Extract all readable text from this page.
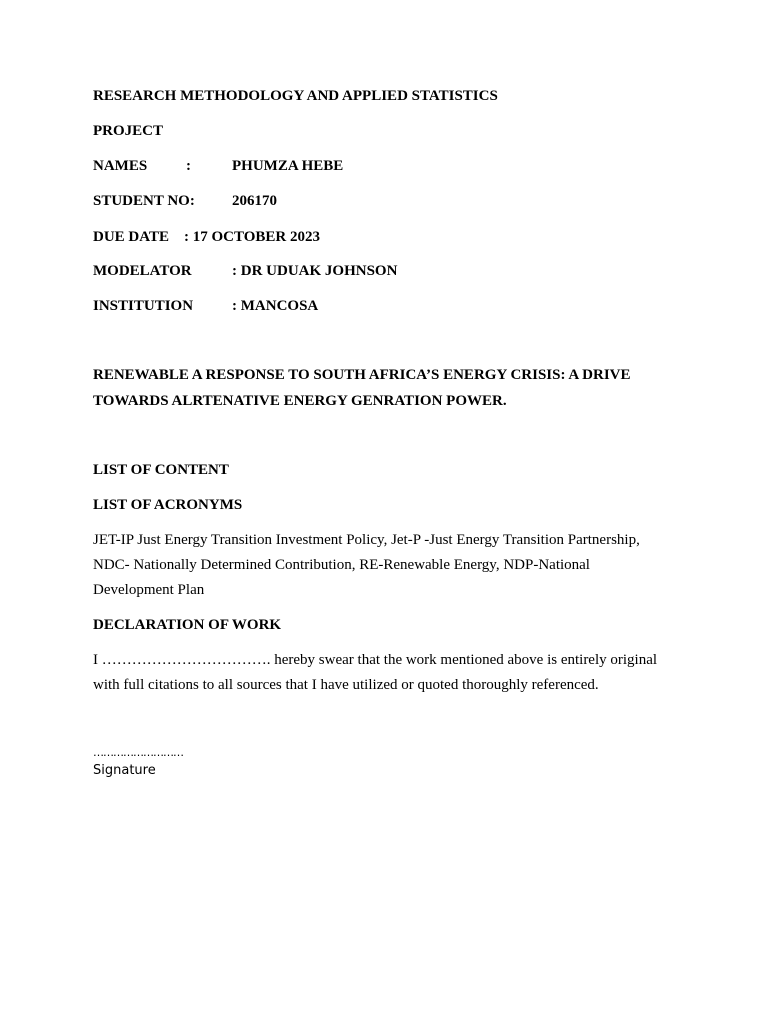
RESEARCH METHODOLOGY AND APPLIED STATISTICS
PROJECT
NAMES	:	PHUMZA HEBE
STUDENT NO: 206170
DUE DATE    : 17 OCTOBER 2023
MODELATOR	: DR UDUAK JOHNSON
INSTITUTION	: MANCOSA
RENEWABLE A RESPONSE TO SOUTH AFRICA’S ENERGY CRISIS: A DRIVE
TOWARDS ALRTENATIVE ENERGY GENRATION POWER.
LIST OF CONTENT
LIST OF ACRONYMS
JET-IP Just Energy Transition Investment Policy, Jet-P -Just Energy Transition Partnership,
NDC- Nationally Determined Contribution, RE-Renewable Energy, NDP-National
Development Plan
DECLARATION OF WORK
I ……………………………. hereby swear that the work mentioned above is entirely original
with full citations to all sources that I have utilized or quoted thoroughly referenced.
………………………
Signature
